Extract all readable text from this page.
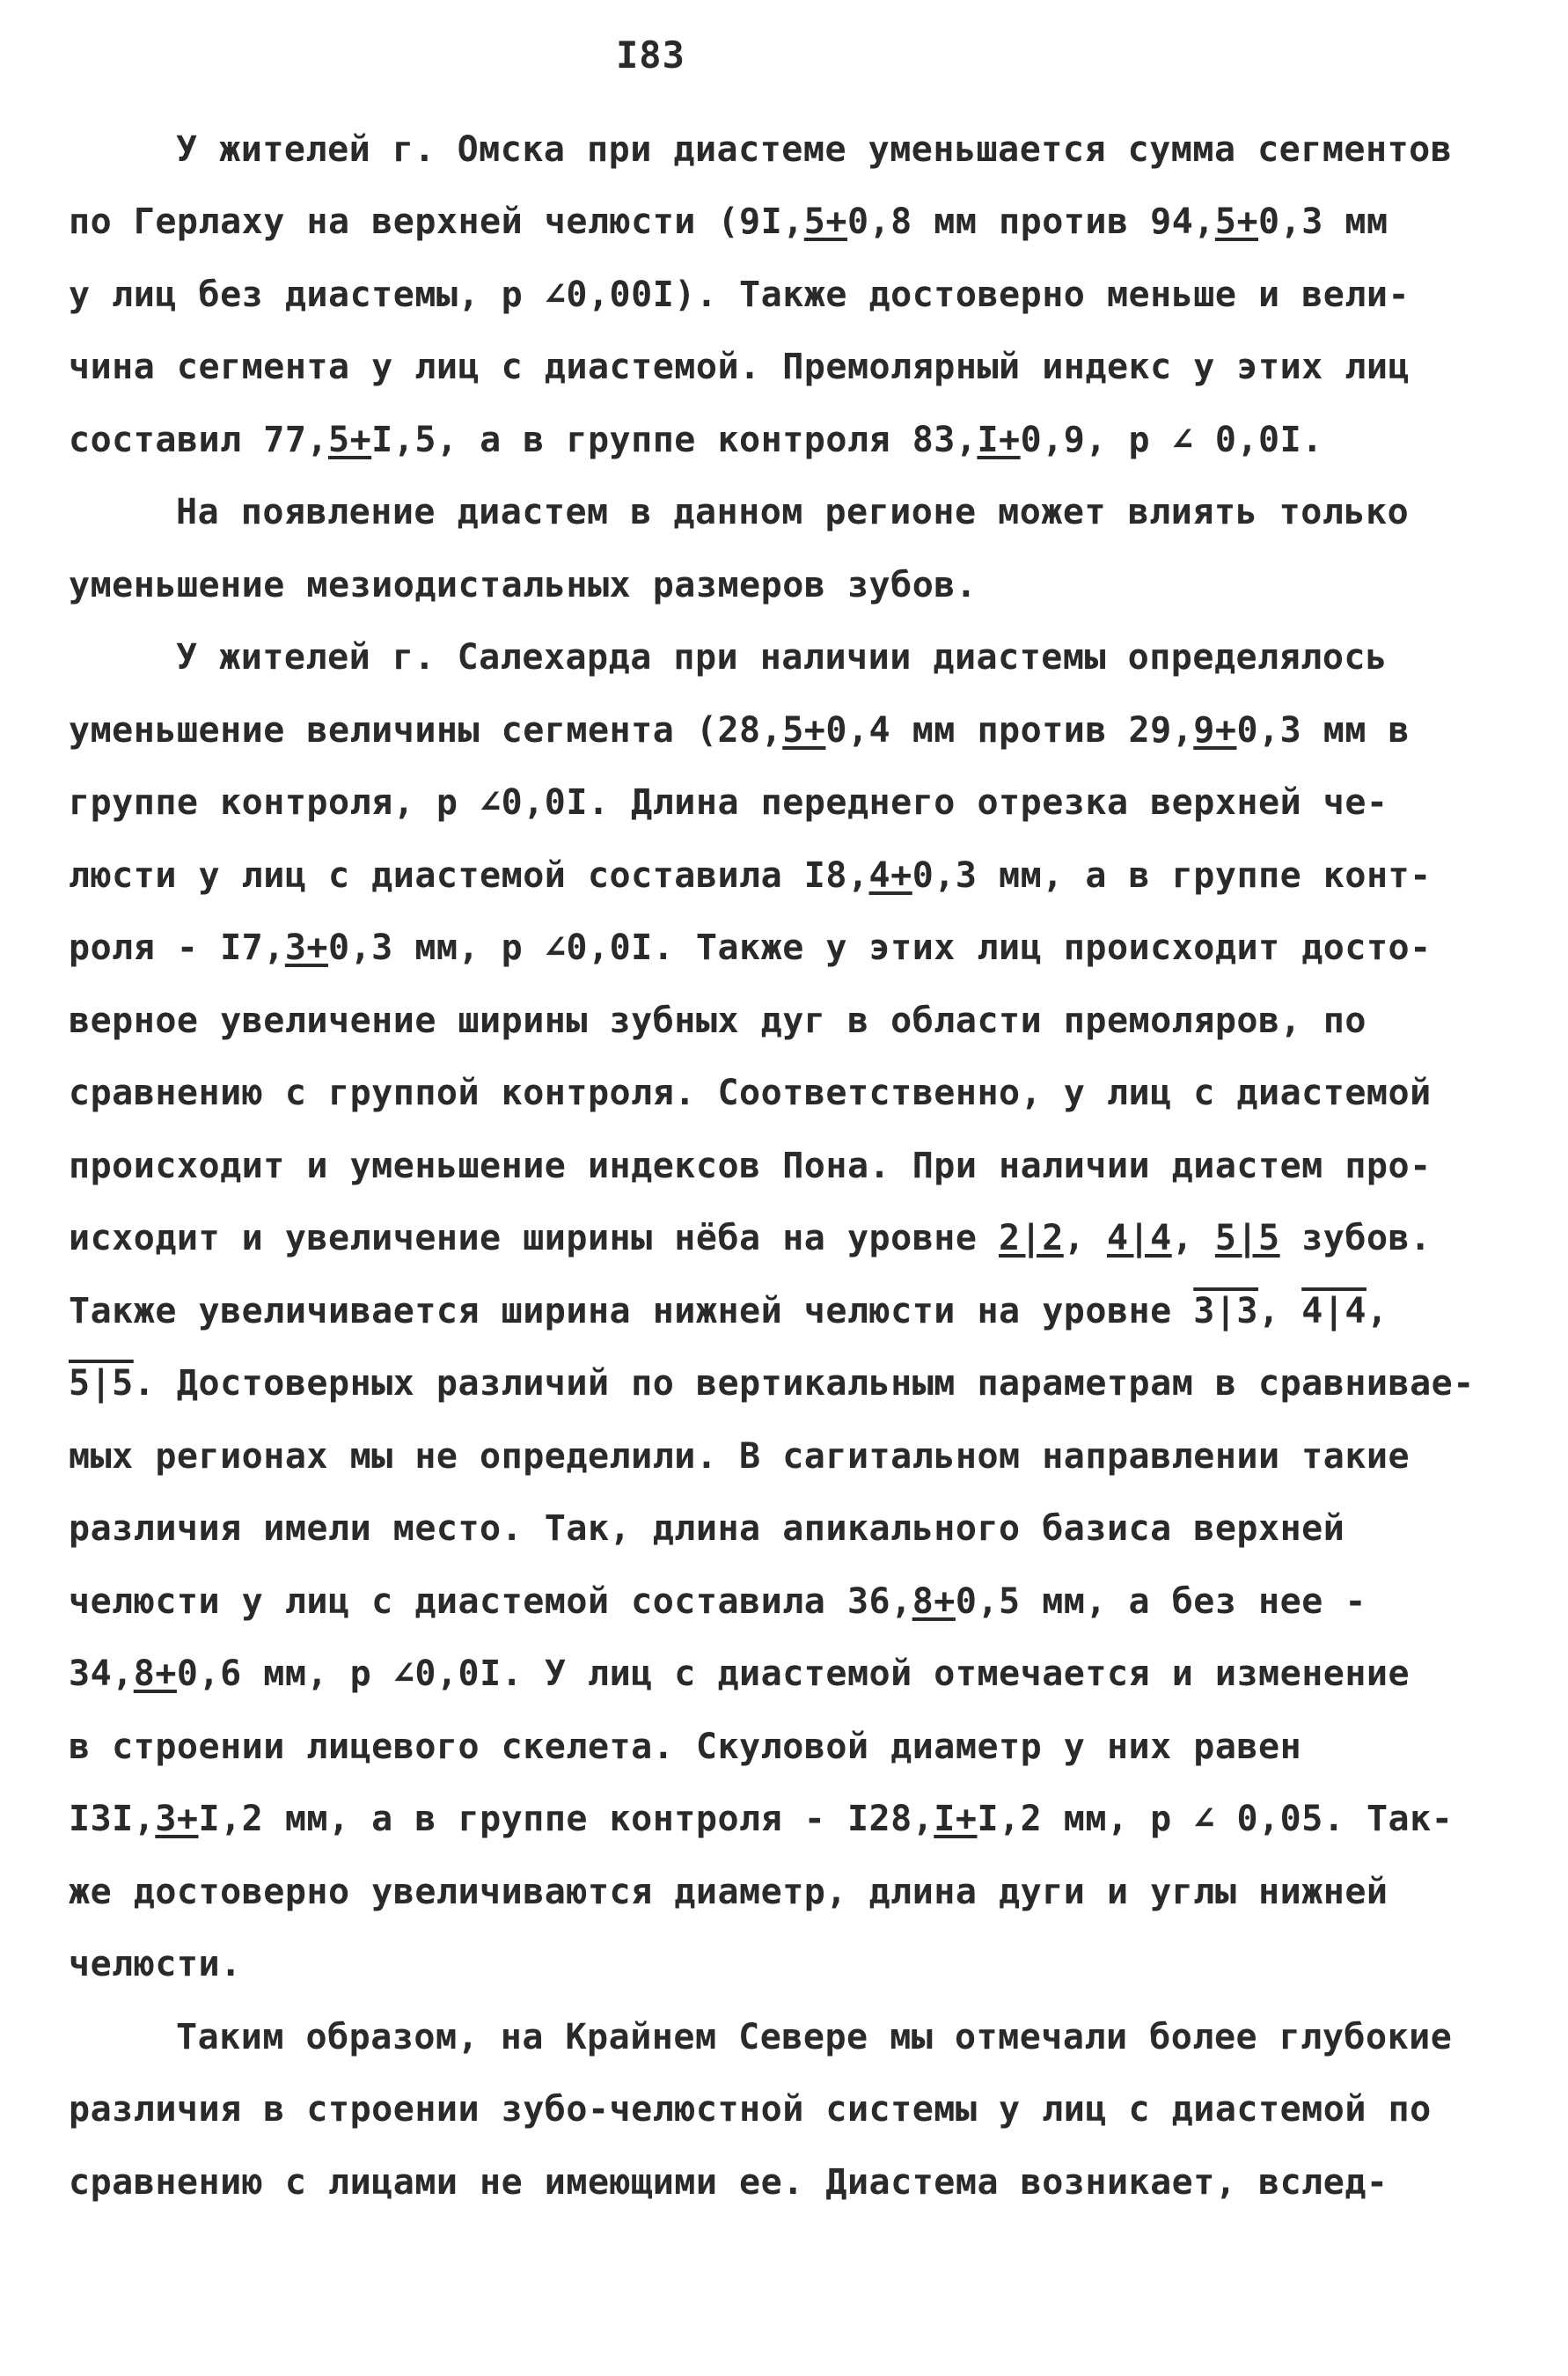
I83
У жителей г. Омска при диастеме уменьшается сумма сегментов
по Герлаху на верхней челюсти (9I,5+0,8 мм против 94,5+0,3 мм
у лиц без диастемы, р ∠0,00I). Также достоверно меньше и вели-
чина сегмента у лиц с диастемой. Премолярный индекс у этих лиц
составил 77,5+I,5, а в группе контроля 83,I+0,9, р ∠ 0,0I.
На появление диастем в данном регионе может влиять только
уменьшение мезиодистальных размеров зубов.
У жителей г. Салехарда при наличии диастемы определялось
уменьшение величины сегмента (28,5+0,4 мм против 29,9+0,3 мм в
группе контроля, р ∠0,0I. Длина переднего отрезка верхней че-
люсти у лиц с диастемой составила I8,4+0,3 мм, а в группе конт-
роля - I7,3+0,3 мм, р ∠0,0I. Также у этих лиц происходит досто-
верное увеличение ширины зубных дуг в области премоляров, по
сравнению с группой контроля. Соответственно, у лиц с диастемой
происходит и уменьшение индексов Пона. При наличии диастем про-
исходит и увеличение ширины нёба на уровне 2|2, 4|4, 5|5 зубов.
Также увеличивается ширина нижней челюсти на уровне 3|3, 4|4,
5|5. Достоверных различий по вертикальным параметрам в сравнивае-
мых регионах мы не определили. В сагитальном направлении такие
различия имели место. Так, длина апикального базиса верхней
челюсти у лиц с диастемой составила 36,8+0,5 мм, а без нее -
34,8+0,6 мм, р ∠0,0I. У лиц с диастемой отмечается и изменение
в строении лицевого скелета. Скуловой диаметр у них равен
I3I,3+I,2 мм, а в группе контроля - I28,I+I,2 мм, р ∠ 0,05. Так-
же достоверно увеличиваются диаметр, длина дуги и углы нижней
челюсти.
Таким образом, на Крайнем Севере мы отмечали более глубокие
различия в строении зубо-челюстной системы у лиц с диастемой по
сравнению с лицами не имеющими ее. Диастема возникает, вслед-
